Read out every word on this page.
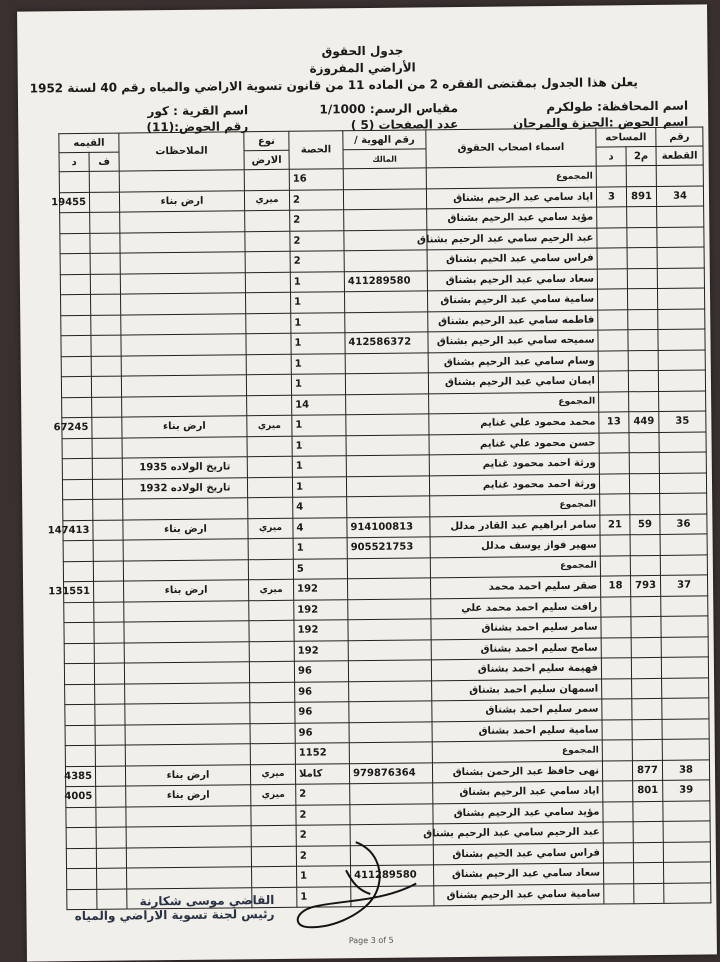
جدول الحقوق
الأراضي المفروزة
يعلن هذا الجدول بمقتضى الفقره 2 من الماده 11 من قانون تسوية الاراضي والمياه رقم 40 لسنة 1952
اسم المحافظة: طولكرم
مقياس الرسم: 1/1000
اسم القرية : كور
اسم الحوض :الجيزة والمرحان
عدد الصفحات (5 )
رقم الحوض:(11)
رقم	المساحه		اسماء اصحاب الحقوق	رقم الهوية /	الحصة	نوع	الملاحظات	القيمه	
القطعة	م2	د		المالك		الارض		ف	د
			المجموع		16				
34	891	3	اياد سامي عبد الرحيم بشناق		2	ميري	ارض بناء		19455
			مؤيد سامي عبد الرحيم بشناق		2				
			عبد الرحيم سامي عبد الرحيم بشناق		2				
			فراس سامي عبد الحيم بشناق		2				
			سعاد سامي عبد الرحيم بشناق	411289580	1				
			سامية سامي عبد الرحيم بشناق		1				
			فاطمه سامي عبد الرحيم بشناق		1				
			سميحه سامي عبد الرحيم بشناق	412586372	1				
			وسام سامي عبد الرحيم بشناق		1				
			ايمان سامي عبد الرحيم بشناق		1				
			المجموع		14				
35	449	13	محمد محمود علي غنايم		1	ميري	ارض بناء		67245
			حسن محمود علي غنايم		1				
			ورثة احمد محمود غنايم		1		تاريخ الولاده 1935		
			ورثة احمد محمود غنايم		1		تاريخ الولاده 1932		
			المجموع		4				
36	59	21	سامر ابراهيم عبد القادر مدلل	914100813	4	ميري	ارض بناء		147413
			سهير فواز يوسف مدلل	905521753	1				
			المجموع		5				
37	793	18	صقر سليم احمد محمد		192	ميري	ارض بناء		131551
			رافت سليم احمد محمد علي		192				
			سامر سليم احمد بشناق		192				
			سامح سليم احمد بشناق		192				
			فهيمة سليم احمد بشناق		96				
			اسمهان سليم احمد بشناق		96				
			سمر سليم احمد بشناق		96				
			سامية سليم احمد بشناق		96				
			المجموع		1152				
38	877		نهى حافظ عبد الرحمن بشناق	979876364	كاملا	ميري	ارض بناء		4385
39	801		اياد سامي عبد الرحيم بشناق		2	ميري	ارض بناء		4005
			مؤيد سامي عبد الرحيم بشناق		2				
			عبد الرحيم سامي عبد الرحيم بشناق		2				
			فراس سامي عبد الحيم بشناق		2				
			سعاد سامي عبد الرحيم بشناق	411289580	1				
			سامية سامي عبد الرحيم بشناق		1				
القاضي موسى شكارنة
رئيس لجنة تسوية الاراضي والمياه
Page 3 of 5
